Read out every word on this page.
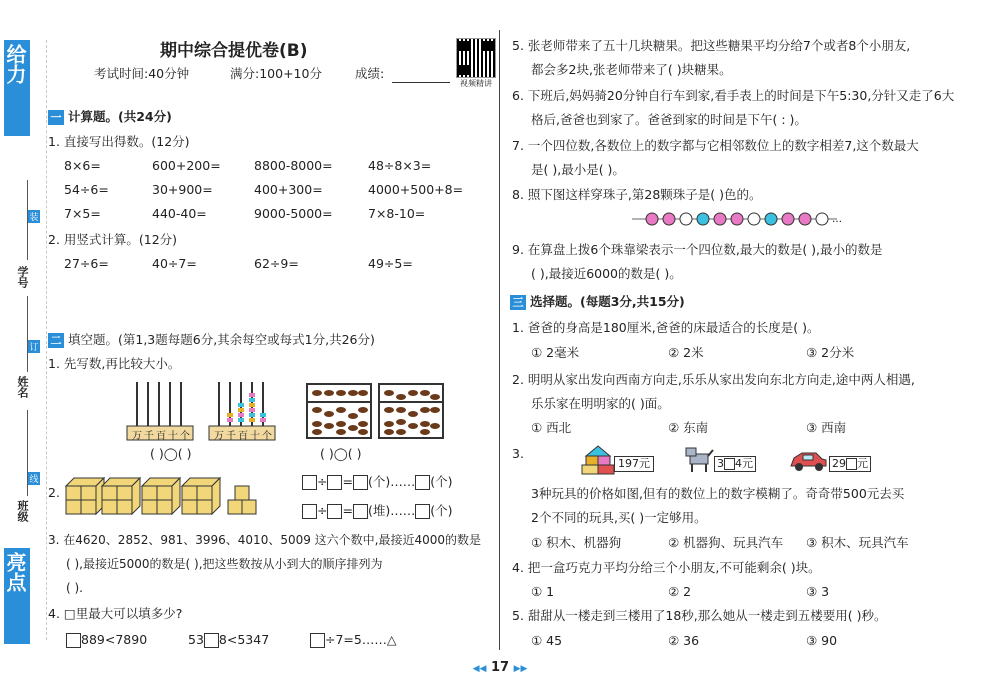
给力
亮点
学号
姓名
班级
装
订
线
期中综合提优卷(B)
考试时间:40分钟	满分:100+10分	成绩:
视频精讲
一 计算题。(共24分)
1. 直接写出得数。(12分)
8×6=	600+200=	8800-8000=	48÷8×3=
54÷6=	30+900=	400+300=	4000+500+8=
7×5=	440-40=	9000-5000=	7×8-10=
2. 用竖式计算。(12分)
27÷6=	40÷7=	62÷9=	49÷5=
二 填空题。(第1,3题每题6分,其余每空或每式1分,共26分)
1. 先写数,再比较大小。
万千百十个 万千百十个
( )◯( )	( )◯( )
2.
÷ = (个)…… (个)
÷ = (堆)…… (个)
3. 在4620、2852、981、3996、4010、5009 这六个数中,最接近4000的数是
( ),最接近5000的数是( ),把这些数按从小到大的顺序排列为
( ).
4. □里最大可以填多少?
889<7890	53 8<5347	÷7=5……△
5. 张老师带来了五十几块糖果。把这些糖果平均分给7个或者8个小朋友,
都会多2块,张老师带来了( )块糖果。
6. 下班后,妈妈骑20分钟自行车到家,看手表上的时间是下午5:30,分针又走了6大
格后,爸爸也到家了。爸爸到家的时间是下午( : )。
7. 一个四位数,各数位上的数字都与它相邻数位上的数字相差7,这个数最大
是( ),最小是( )。
8. 照下图这样穿珠子,第28颗珠子是( )色的。
…
9. 在算盘上拨6个珠靠梁表示一个四位数,最大的数是( ),最小的数是
( ),最接近6000的数是( )。
三 选择题。(每题3分,共15分)
1. 爸爸的身高是180厘米,爸爸的床最适合的长度是( )。
① 2毫米	② 2米	③ 2分米
2. 明明从家出发向西南方向走,乐乐从家出发向东北方向走,途中两人相遇,
乐乐家在明明家的( )面。
① 西北	② 东南	③ 西南
3.
197元	3 4元	29 元
3种玩具的价格如图,但有的数位上的数字模糊了。奇奇带500元去买
2个不同的玩具,买( )一定够用。
① 积木、机器狗	② 机器狗、玩具汽车 ③ 积木、玩具汽车
4. 把一盒巧克力平均分给三个小朋友,不可能剩余( )块。
① 1	② 2	③ 3
5. 甜甜从一楼走到三楼用了18秒,那么她从一楼走到五楼要用( )秒。
① 45	② 36	③ 90
◀◀ 17 ▶▶
